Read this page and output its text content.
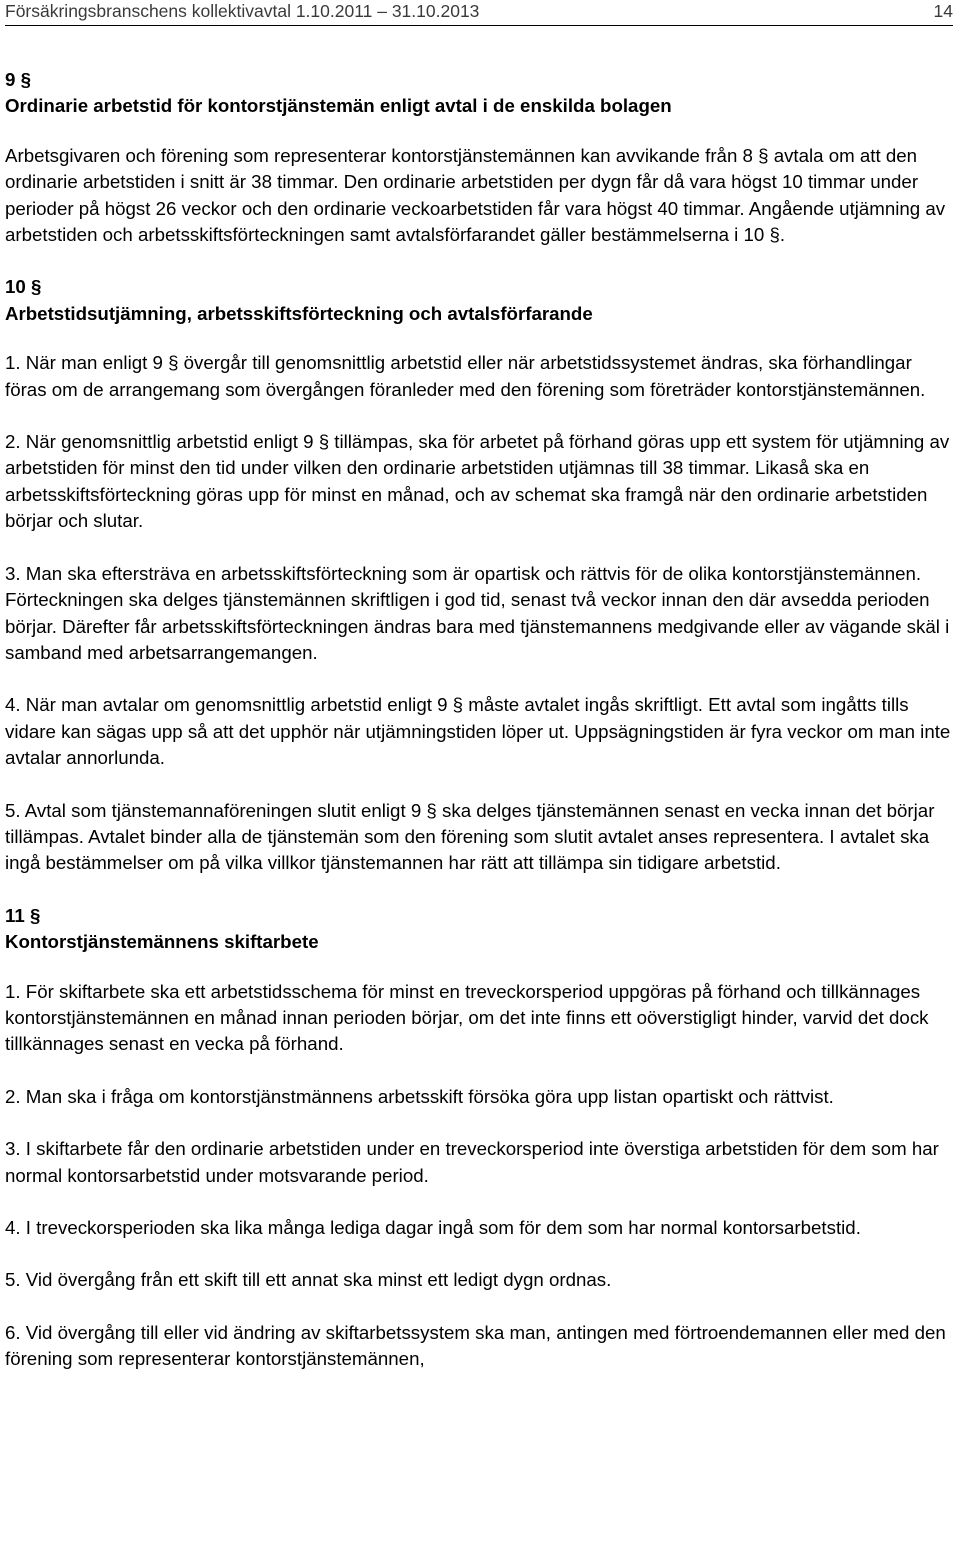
Försäkringsbranschens kollektivavtal 1.10.2011 – 31.10.2013	14
9 §
Ordinarie arbetstid för kontorstjänstemän enligt avtal i de enskilda bolagen

Arbetsgivaren och förening som representerar kontorstjänstemännen kan avvikande från 8 § avtala om att den ordinarie arbetstiden i snitt är 38 timmar. Den ordinarie arbetstiden per dygn får då vara högst 10 timmar under perioder på högst 26 veckor och den ordinarie veckoarbetstiden får vara högst 40 timmar. Angående utjämning av arbetstiden och arbetsskiftsförteckningen samt avtalsförfarandet gäller bestämmelserna i 10 §.

10 §
Arbetstidsutjämning, arbetsskiftsförteckning och avtalsförfarande

1. När man enligt 9 § övergår till genomsnittlig arbetstid eller när arbetstidssystemet ändras, ska förhandlingar föras om de arrangemang som övergången föranleder med den förening som företräder kontorstjänstemännen.

2. När genomsnittlig arbetstid enligt 9 § tillämpas, ska för arbetet på förhand göras upp ett system för utjämning av arbetstiden för minst den tid under vilken den ordinarie arbetstiden utjämnas till 38 timmar. Likaså ska en arbetsskiftsförteckning göras upp för minst en månad, och av schemat ska framgå när den ordinarie arbetstiden börjar och slutar.

3. Man ska eftersträva en arbetsskiftsförteckning som är opartisk och rättvis för de olika kontorstjänstemännen. Förteckningen ska delges tjänstemännen skriftligen i god tid, senast två veckor innan den där avsedda perioden börjar. Därefter får arbetsskiftsförteckningen ändras bara med tjänstemannens medgivande eller av vägande skäl i samband med arbetsarrangemangen.

4. När man avtalar om genomsnittlig arbetstid enligt 9 § måste avtalet ingås skriftligt. Ett avtal som ingåtts tills vidare kan sägas upp så att det upphör när utjämningstiden löper ut. Uppsägningstiden är fyra veckor om man inte avtalar annorlunda.

5. Avtal som tjänstemannaföreningen slutit enligt 9 § ska delges tjänstemännen senast en vecka innan det börjar tillämpas. Avtalet binder alla de tjänstemän som den förening som slutit avtalet anses representera. I avtalet ska ingå bestämmelser om på vilka villkor tjänstemannen har rätt att tillämpa sin tidigare arbetstid.

11 §
Kontorstjänstemännens skiftarbete

1. För skiftarbete ska ett arbetstidsschema för minst en treveckorsperiod uppgöras på förhand och tillkännages kontorstjänstemännen en månad innan perioden börjar, om det inte finns ett oöverstigligt hinder, varvid det dock tillkännages senast en vecka på förhand.

2. Man ska i fråga om kontorstjänstmännens arbetsskift försöka göra upp listan opartiskt och rättvist.

3. I skiftarbete får den ordinarie arbetstiden under en treveckorsperiod inte överstiga arbetstiden för dem som har normal kontorsarbetstid under motsvarande period.

4. I treveckorsperioden ska lika många lediga dagar ingå som för dem som har normal kontorsarbetstid.

5. Vid övergång från ett skift till ett annat ska minst ett ledigt dygn ordnas.

6. Vid övergång till eller vid ändring av skiftarbetssystem ska man, antingen med förtroendemannen eller med den förening som representerar kontorstjänstemännen,
